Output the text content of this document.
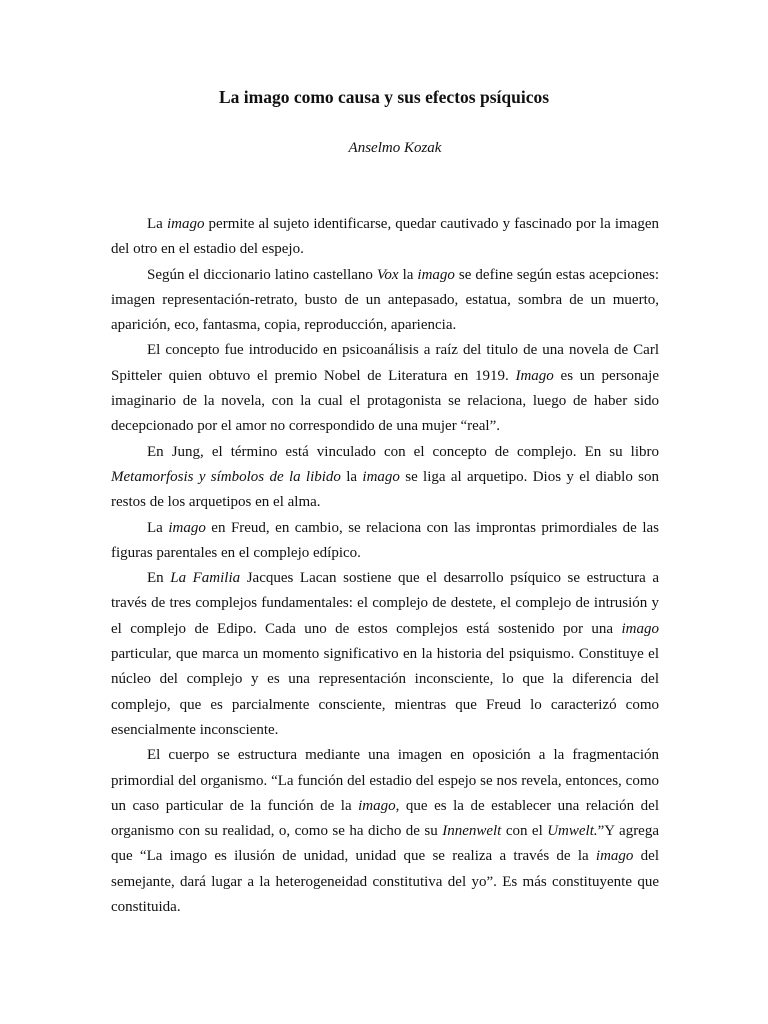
La imago como causa y sus efectos psíquicos

Anselmo Kozak

La imago permite al sujeto identificarse, quedar cautivado y fascinado por la imagen del otro en el estadio del espejo.

Según el diccionario latino castellano Vox la imago se define según estas acepciones: imagen representación-retrato, busto de un antepasado, estatua, sombra de un muerto, aparición, eco, fantasma, copia, reproducción, apariencia.

El concepto fue introducido en psicoanálisis a raíz del titulo de una novela de Carl Spitteler quien obtuvo el premio Nobel de Literatura en 1919. Imago es un personaje imaginario de la novela, con la cual el protagonista se relaciona, luego de haber sido decepcionado por el amor no correspondido de una mujer “real”.

En Jung, el término está vinculado con el concepto de complejo. En su libro Metamorfosis y símbolos de la libido la imago se liga al arquetipo. Dios y el diablo son restos de los arquetipos en el alma.

La imago en Freud, en cambio, se relaciona con las improntas primordiales de las figuras parentales en el complejo edípico.

En La Familia Jacques Lacan sostiene que el desarrollo psíquico se estructura a través de tres complejos fundamentales: el complejo de destete, el complejo de intrusión y el complejo de Edipo. Cada uno de estos complejos está sostenido por una imago particular, que marca un momento significativo en la historia del psiquismo. Constituye el núcleo del complejo y es una representación inconsciente, lo que la diferencia del complejo, que es parcialmente consciente, mientras que Freud lo caracterizó como esencialmente inconsciente.

El cuerpo se estructura mediante una imagen en oposición a la fragmentación primordial del organismo. “La función del estadio del espejo se nos revela, entonces, como un caso particular de la función de la imago, que es la de establecer una relación del organismo con su realidad, o, como se ha dicho de su Innenwelt con el Umwelt.”Y agrega que “La imago es ilusión de unidad, unidad que se realiza a través de la imago del semejante, dará lugar a la heterogeneidad constitutiva del yo”. Es más constituyente que constituida.
